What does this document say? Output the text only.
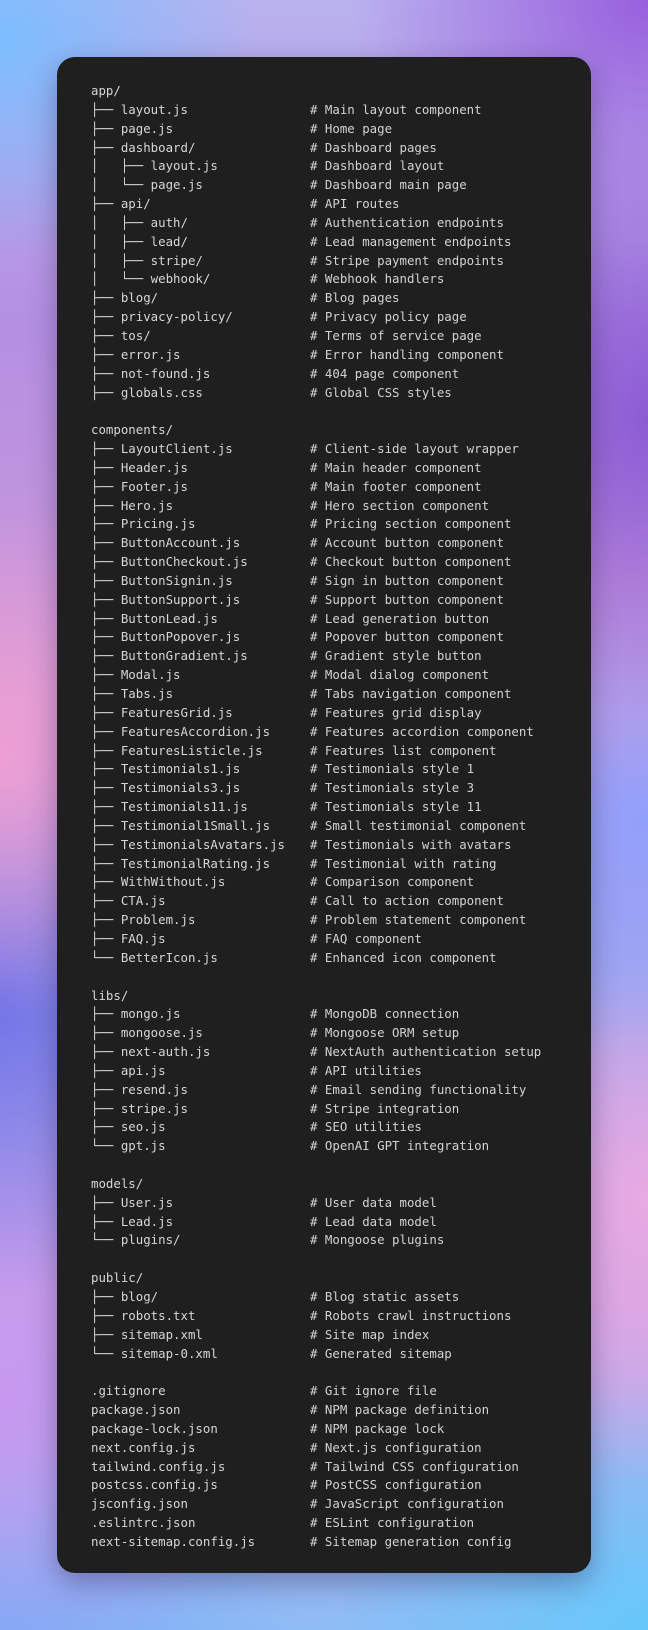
app/
├── layout.js	# Main layout component
├── page.js	# Home page
├── dashboard/	# Dashboard pages
│   ├── layout.js	# Dashboard layout
│   └── page.js	# Dashboard main page
├── api/	# API routes
│   ├── auth/	# Authentication endpoints
│   ├── lead/	# Lead management endpoints
│   ├── stripe/	# Stripe payment endpoints
│   └── webhook/	# Webhook handlers
├── blog/	# Blog pages
├── privacy-policy/	# Privacy policy page
├── tos/	# Terms of service page
├── error.js	# Error handling component
├── not-found.js	# 404 page component
├── globals.css	# Global CSS styles
components/
├── LayoutClient.js	# Client-side layout wrapper
├── Header.js	# Main header component
├── Footer.js	# Main footer component
├── Hero.js	# Hero section component
├── Pricing.js	# Pricing section component
├── ButtonAccount.js	# Account button component
├── ButtonCheckout.js	# Checkout button component
├── ButtonSignin.js	# Sign in button component
├── ButtonSupport.js	# Support button component
├── ButtonLead.js	# Lead generation button
├── ButtonPopover.js	# Popover button component
├── ButtonGradient.js	# Gradient style button
├── Modal.js	# Modal dialog component
├── Tabs.js	# Tabs navigation component
├── FeaturesGrid.js	# Features grid display
├── FeaturesAccordion.js	# Features accordion component
├── FeaturesListicle.js	# Features list component
├── Testimonials1.js	# Testimonials style 1
├── Testimonials3.js	# Testimonials style 3
├── Testimonials11.js	# Testimonials style 11
├── Testimonial1Small.js	# Small testimonial component
├── TestimonialsAvatars.js # Testimonials with avatars
├── TestimonialRating.js	# Testimonial with rating
├── WithWithout.js	# Comparison component
├── CTA.js	# Call to action component
├── Problem.js	# Problem statement component
├── FAQ.js	# FAQ component
└── BetterIcon.js	# Enhanced icon component
libs/
├── mongo.js	# MongoDB connection
├── mongoose.js	# Mongoose ORM setup
├── next-auth.js	# NextAuth authentication setup
├── api.js	# API utilities
├── resend.js	# Email sending functionality
├── stripe.js	# Stripe integration
├── seo.js	# SEO utilities
└── gpt.js	# OpenAI GPT integration
models/
├── User.js	# User data model
├── Lead.js	# Lead data model
└── plugins/	# Mongoose plugins
public/
├── blog/	# Blog static assets
├── robots.txt	# Robots crawl instructions
├── sitemap.xml	# Site map index
└── sitemap-0.xml	# Generated sitemap
.gitignore	# Git ignore file
package.json	# NPM package definition
package-lock.json	# NPM package lock
next.config.js	# Next.js configuration
tailwind.config.js	# Tailwind CSS configuration
postcss.config.js	# PostCSS configuration
jsconfig.json	# JavaScript configuration
.eslintrc.json	# ESLint configuration
next-sitemap.config.js	# Sitemap generation config
